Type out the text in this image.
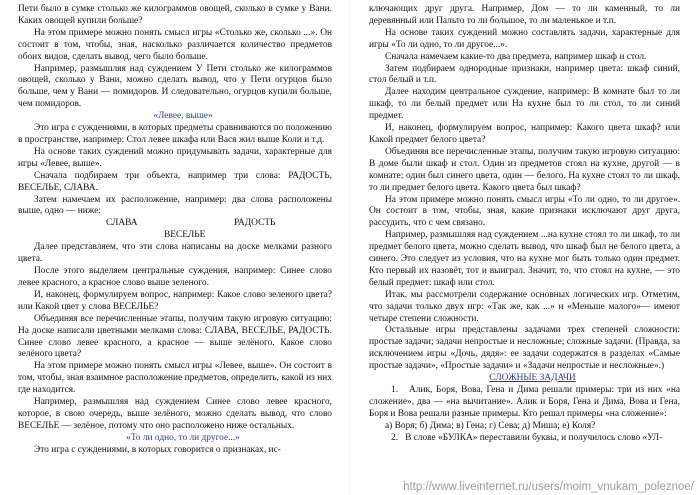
Пети было в сумке столько же килограммов овощей, сколько в сумке у Вани. Каких овощей купили больше?

На этом примере можно понять смысл игры «Столько же, сколько ...». Он состоит в том, чтобы, зная, насколько различается количество предметов обоих видов, сделать вывод, чего было больше.

Например, размышляя над суждением У Пети столько же килограммов овощей, сколько у Вани, можно сделать вывод, что у Пети огурцов было больше, чем у Вани — помидоров. И следовательно, огурцов купили больше, чем помидоров.

«Левее, выше»

Это игра с суждениями, в которых предметы сравниваются по положению в пространстве, например: Стол левее шкафа или Вася жил выше Коли и т.д.

На основе таких суждений можно придумывать задачи, характерные для игры «Левее, выше».

Сначала подбираем три объекта, например три слова: РАДОСТЬ, ВЕСЕЛЬЕ, СЛАВА.

Затем намечаем их расположение, например: два слова расположены выше, одно — ниже:

СЛАВА	РАДОСТЬ
ВЕСЕЛЬЕ

Далее представляем, что эти слова написаны на доске мелками разного цвета.

После этого выделяем центральные суждения, например: Синее слово левее красного, а красное слово выше зеленого.

И, наконец, формулируем вопрос, например: Какое слово зеленого цвета? или Какой цвет у слова ВЕСЕЛЬЕ?

Объединяя все перечисленные этапы, получим такую игровую ситуацию: На доске написали цветными мелками слова: СЛАВА, ВЕСЕЛЬЕ, РАДОСТЬ. Синее слово левее красного, а красное — выше зелёного. Какое слово зелёного цвета?

На этом примере можно понять смысл игры «Левее, выше». Он состоит в том, чтобы, зная взаимное расположение предметов, определить, какой из них где находится.

Например, размышляя над суждением Синее слово левее красного, которое, в свою очередь, выше зелёного, можно сделать вывод, что слово ВЕСЕЛЬЕ — зелёное, потому что оно расположено ниже остальных.

«То ли одно, то ли другое...»

Это игра с суждениями, в которых говорится о признаках, ис-

ключающих друг друга. Например, Дом — то ли каменный, то ли деревянный или Пальто то ли большое, то ли маленькое и т.п.

На основе таких суждений можно составлять задачи, характерные для игры «То ли одно, то ли другое...».

Сначала намечаем какие-то два предмета, например шкаф и стол.

Затем подбираем однородные признаки, например цвета: шкаф синий, стол белый и т.п.

Далее находим центральное суждение, например: В комнате был то ли шкаф, то ли белый предмет или На кухне был то ли стол, то ли синий предмет.

И, наконец, формулируем вопрос, например: Какого цвета шкаф? или Какой предмет белого цвета?

Объединяя все перечисленные этапы, получим такую игровую ситуацию: В доме были шкаф и стол. Один из предметов стоял на кухне, другой — в комнате; один был синего цвета, один — белого. На кухне стоял то ли шкаф, то ли предмет белого цвета. Какого цвета был шкаф?

На этом примере можно понять смысл игры «То ли одно, то ли другое». Он состоит в том, чтобы, зная, какие признаки исключают друг друга, рассудить, что с чем связано.

Например, размышляя над суждением ...на кухне стоял то ли шкаф, то ли предмет белого цвета, можно сделать вывод, что шкаф был не белого цвета, а синего. Это следует из условия, что на кухне мог быть только один предмет. Кто первый их назовёт, тот и выиграл. Значит, то, что стоял на кухне, — это белый предмет: шкаф или стол.

Итак, мы рассмотрели содержание основных логических игр. Отметим, что задачи только двух игр: «Так же, как ...» и «Меньше малого»— имеют четыре степени сложности.

Остальные игры представлены задачами трех степеней сложности: простые задачи; задачи непростые и несложные; сложные задачи. (Правда, за исключением игры «Дочь, дядя»: ее задачи содержатся в разделах «Самые простые задачи», «Простые задачи» и «Задачи непростые и несложные».)

СЛОЖНЫЕ ЗАДАЧИ

1.   Алик, Боря, Вова, Гена и Дима решали примеры: три из них «на сложение», два — «на вычитание». Алик и Боря, Гена и Дима, Вова и Гена, Боря и Вова решали разные примеры. Кто решал примеры «на сложение»:

а) Воря; б) Дима; в) Гена; г) Сева; д) Мишa; е) Коля?

2.   В слове «БУЛКА» переставили буквы, и получилось слово «УЛ-

http://www.liveinternet.ru/users/moim_vnukam_poleznoe/
